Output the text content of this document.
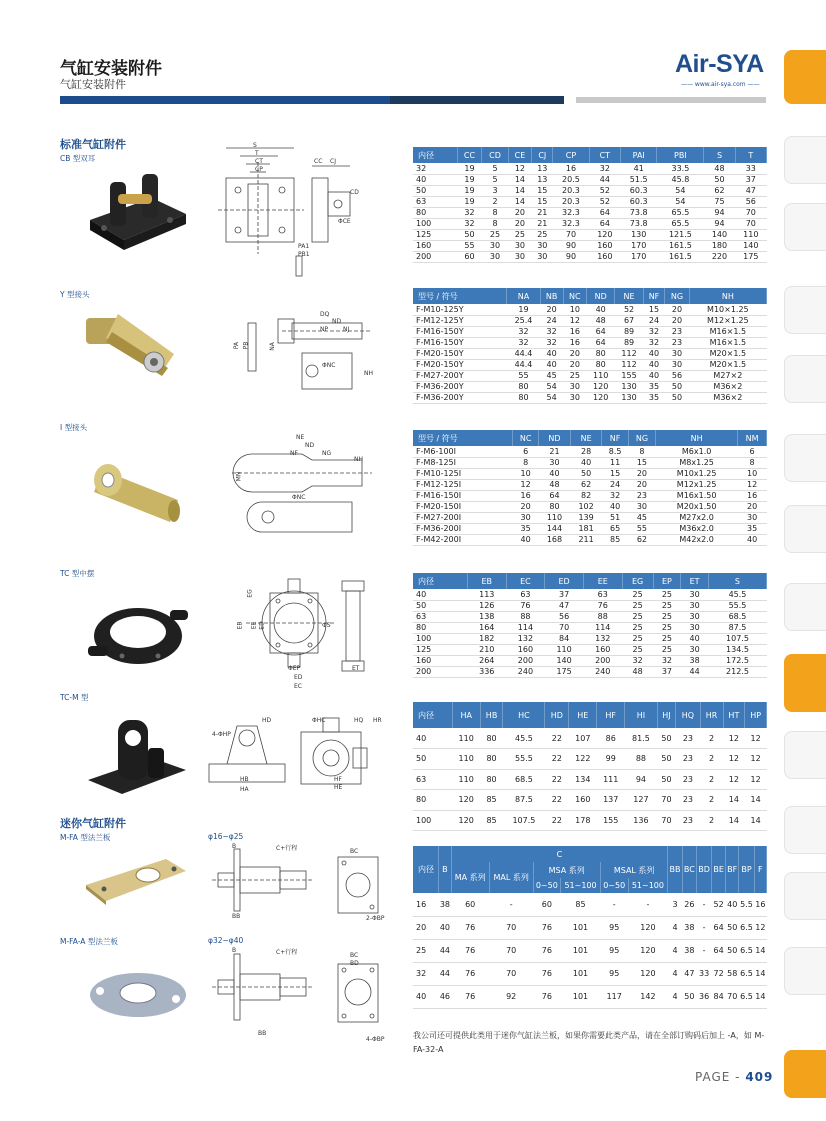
气缸安装附件
气缸安装附件
Air-SYA
—— www.air-sya.com ——
标准气缸附件
CB 型双耳
Y 型接头
I 型接头
TC 型中摆
TC-M 型
迷你气缸附件
M-FA 型法兰板
M-FA-A 型法兰板
φ16~φ25
φ32~φ40
S
T
CT
CP
CC CJ
CD
ΦCE
PA1
PB1
DQ
ND
NP NJ
PA PB	NA
ΦNC
NH
NE
ND
NF	NG
NH
MN
ΦNC
EG
EB EE ED	ΦS
ΦEP
ED
EC
ET
HD
4-ΦHP
HB
HA
ΦHC	HQ HR
HF
HE
B	C+行程	BC
BB	2-ΦBP
B	C+行程	BC
BD
BB
4-ΦBP
内径	CC	CD	CE	CJ	CP	CT	PAI	PBI	S	T
32	19	5	12	13	16	32	41	33.5	48	33
40	19	5	14	13	20.5	44	51.5	45.8	50	37
50	19	3	14	15	20.3	52	60.3	54	62	47
63	19	2	14	15	20.3	52	60.3	54	75	56
80	32	8	20	21	32.3	64	73.8	65.5	94	70
100	32	8	20	21	32.3	64	73.8	65.5	94	70
125	50	25	25	25	70	120	130	121.5	140	110
160	55	30	30	30	90	160	170	161.5	180	140
200	60	30	30	30	90	160	170	161.5	220	175
型号 / 符号	NA	NB	NC	ND	NE	NF	NG	NH
F-M10-125Y	19	20	10	40	52	15	20	M10×1.25
F-M12-125Y	25.4	24	12	48	67	24	20	M12×1.25
F-M16-150Y	32	32	16	64	89	32	23	M16×1.5
F-M16-150Y	32	32	16	64	89	32	23	M16×1.5
F-M20-150Y	44.4	40	20	80	112	40	30	M20×1.5
F-M20-150Y	44.4	40	20	80	112	40	30	M20×1.5
F-M27-200Y	55	45	25	110	155	40	56	M27×2
F-M36-200Y	80	54	30	120	130	35	50	M36×2
F-M36-200Y	80	54	30	120	130	35	50	M36×2
型号 / 符号	NC	ND	NE	NF	NG	NH	NM
F-M6-100I	6	21	28	8.5	8	M6x1.0	6
F-M8-125I	8	30	40	11	15	M8x1.25	8
F-M10-125I	10	40	50	15	20	M10x1.25	10
F-M12-125I	12	48	62	24	20	M12x1.25	12
F-M16-150I	16	64	82	32	23	M16x1.50	16
F-M20-150I	20	80	102	40	30	M20x1.50	20
F-M27-200I	30	110	139	51	45	M27x2.0	30
F-M36-200I	35	144	181	65	55	M36x2.0	35
F-M42-200I	40	168	211	85	62	M42x2.0	40
内径	EB	EC	ED	EE	EG	EP	ET	S
40	113	63	37	63	25	25	30	45.5
50	126	76	47	76	25	25	30	55.5
63	138	88	56	88	25	25	30	68.5
80	164	114	70	114	25	25	30	87.5
100	182	132	84	132	25	25	40	107.5
125	210	160	110	160	25	25	30	134.5
160	264	200	140	200	32	32	38	172.5
200	336	240	175	240	48	37	44	212.5
内径	HA	HB	HC	HD	HE	HF	HI	HJ	HQ	HR	HT	HP
40	110	80	45.5	22	107	86	81.5	50	23	2	12	12
50	110	80	55.5	22	122	99	88	50	23	2	12	12
63	110	80	68.5	22	134	111	94	50	23	2	12	12
80	120	85	87.5	22	160	137	127	70	23	2	14	14
100	120	85	107.5	22	178	155	136	70	23	2	14	14
内径	B	C						BB	BC	BD	BE	BF	BP	F
		MA 系列	MAL 系列	MSA 系列		MSAL 系列								
				0~50	51~100	0~50	51~100							
16	38	60	-	60	85	-	-	3	26	-	52	40	5.5	16
20	40	76	70	76	101	95	120	4	38	-	64	50	6.5	12
25	44	76	70	76	101	95	120	4	38	-	64	50	6.5	14
32	44	76	70	76	101	95	120	4	47	33	72	58	6.5	14
40	46	76	92	76	101	117	142	4	50	36	84	70	6.5	14
我公司还可提供此类用于迷你气缸法兰板，如果你需要此类产品，请在全部订购码后加上 -A，如 M-FA-32-A
PAGE - 409
